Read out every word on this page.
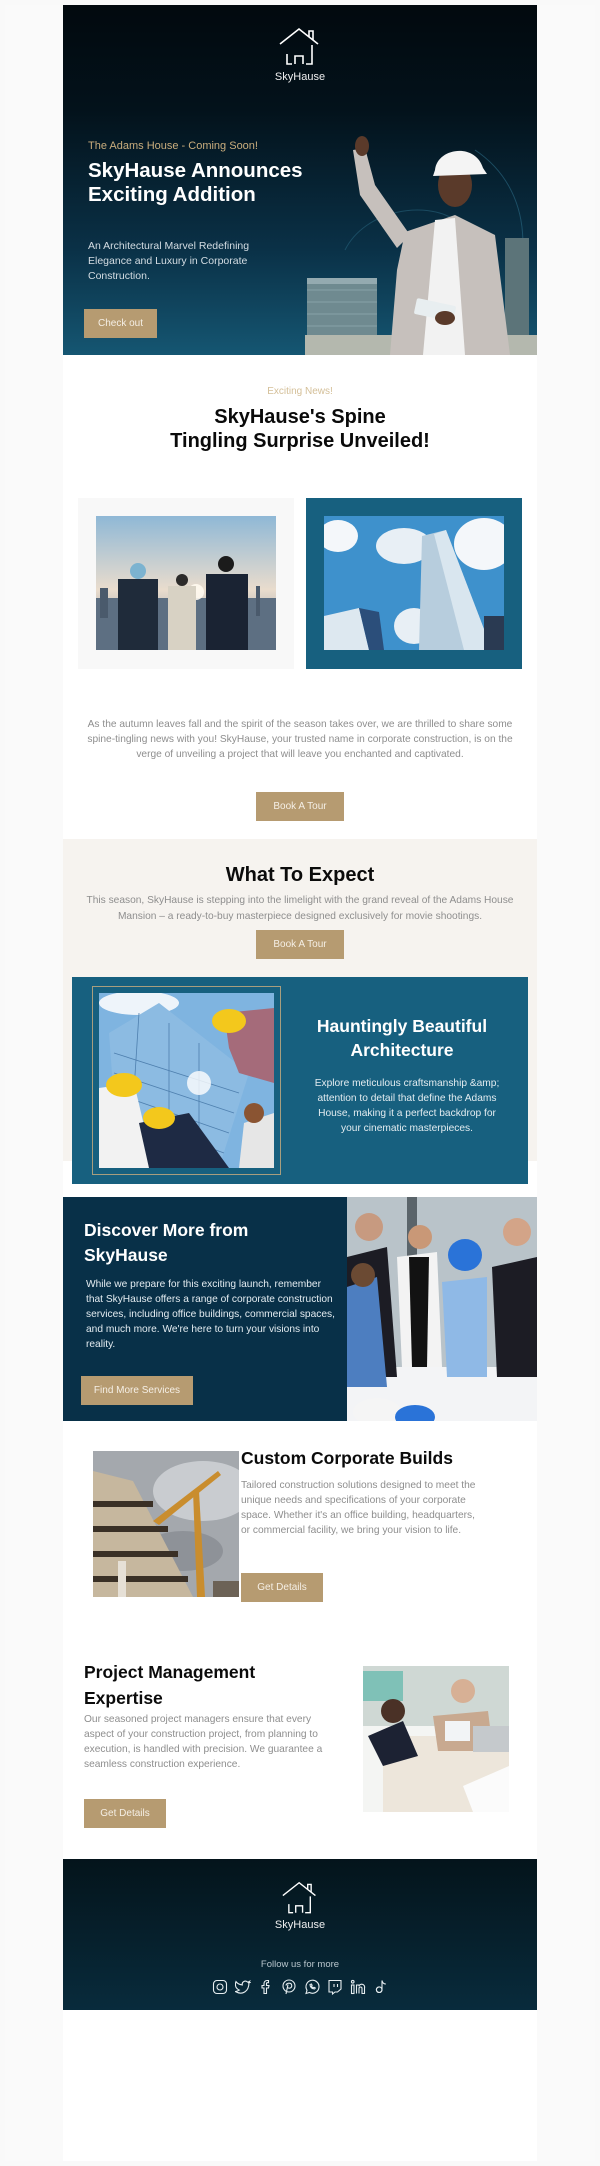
SkyHause
The Adams House - Coming Soon!
SkyHause Announces Exciting Addition
An Architectural Marvel Redefining Elegance and Luxury in Corporate Construction.
Check out
Exciting News!
SkyHause's Spine
Tingling Surprise Unveiled!

As the autumn leaves fall and the spirit of the season takes over, we are thrilled to share some spine-tingling news with you! SkyHause, your trusted name in corporate construction, is on the verge of unveiling a project that will leave you enchanted and captivated.

Book A Tour
What To Expect

This season, SkyHause is stepping into the limelight with the grand reveal of the Adams House Mansion – a ready-to-buy masterpiece designed exclusively for movie shootings.

Book A Tour
Hauntingly Beautiful Architecture

Explore meticulous craftsmanship &amp; attention to detail that define the Adams House, making it a perfect backdrop for your cinematic masterpieces.

Discover More from SkyHause

While we prepare for this exciting launch, remember that SkyHause offers a range of corporate construction services, including office buildings, commercial spaces, and much more. We're here to turn your visions into reality.

Find More Services
Custom Corporate Builds

Tailored construction solutions designed to meet the unique needs and specifications of your corporate space. Whether it's an office building, headquarters, or commercial facility, we bring your vision to life.

Get Details
Project Management Expertise

Our seasoned project managers ensure that every aspect of your construction project, from planning to execution, is handled with precision. We guarantee a seamless construction experience.

Get Details
SkyHause
Follow us for more
